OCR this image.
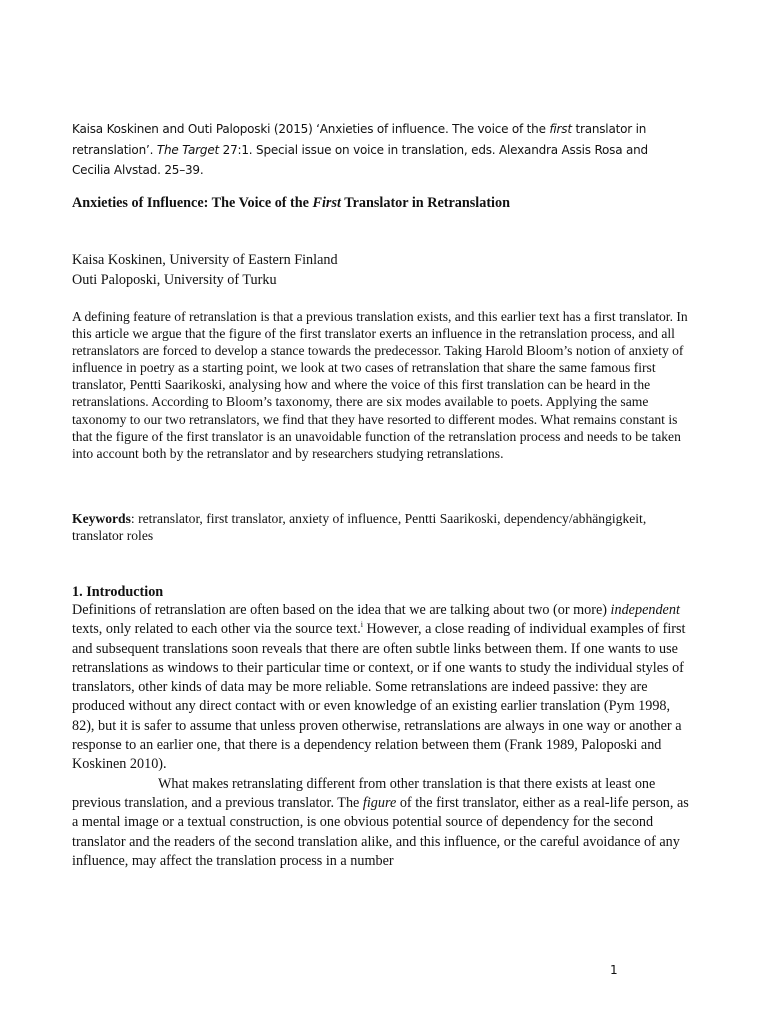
Kaisa Koskinen and Outi Paloposki (2015) ‘Anxieties of influence. The voice of the first translator in retranslation’. The Target 27:1. Special issue on voice in translation, eds. Alexandra Assis Rosa and Cecilia Alvstad. 25–39.
Anxieties of Influence: The Voice of the First Translator in Retranslation
Kaisa Koskinen, University of Eastern Finland
Outi Paloposki, University of Turku
A defining feature of retranslation is that a previous translation exists, and this earlier text has a first translator. In this article we argue that the figure of the first translator exerts an influence in the retranslation process, and all retranslators are forced to develop a stance towards the predecessor. Taking Harold Bloom’s notion of anxiety of influence in poetry as a starting point, we look at two cases of retranslation that share the same famous first translator, Pentti Saarikoski, analysing how and where the voice of this first translation can be heard in the retranslations. According to Bloom’s taxonomy, there are six modes available to poets. Applying the same taxonomy to our two retranslators, we find that they have resorted to different modes. What remains constant is that the figure of the first translator is an unavoidable function of the retranslation process and needs to be taken into account both by the retranslator and by researchers studying retranslations.
Keywords: retranslator, first translator, anxiety of influence, Pentti Saarikoski, dependency/abhängigkeit, translator roles
1. Introduction

Definitions of retranslation are often based on the idea that we are talking about two (or more) independent texts, only related to each other via the source text.$^i$ However, a close reading of individual examples of first and subsequent translations soon reveals that there are often subtle links between them. If one wants to use retranslations as windows to their particular time or context, or if one wants to study the individual styles of translators, other kinds of data may be more reliable. Some retranslations are indeed passive: they are produced without any direct contact with or even knowledge of an existing earlier translation (Pym 1998, 82), but it is safer to assume that unless proven otherwise, retranslations are always in one way or another a response to an earlier one, that there is a dependency relation between them (Frank 1989, Paloposki and Koskinen 2010).

What makes retranslating different from other translation is that there exists at least one previous translation, and a previous translator. The figure of the first translator, either as a real-life person, as a mental image or a textual construction, is one obvious potential source of dependency for the second translator and the readers of the second translation alike, and this influence, or the careful avoidance of any influence, may affect the translation process in a number

1
